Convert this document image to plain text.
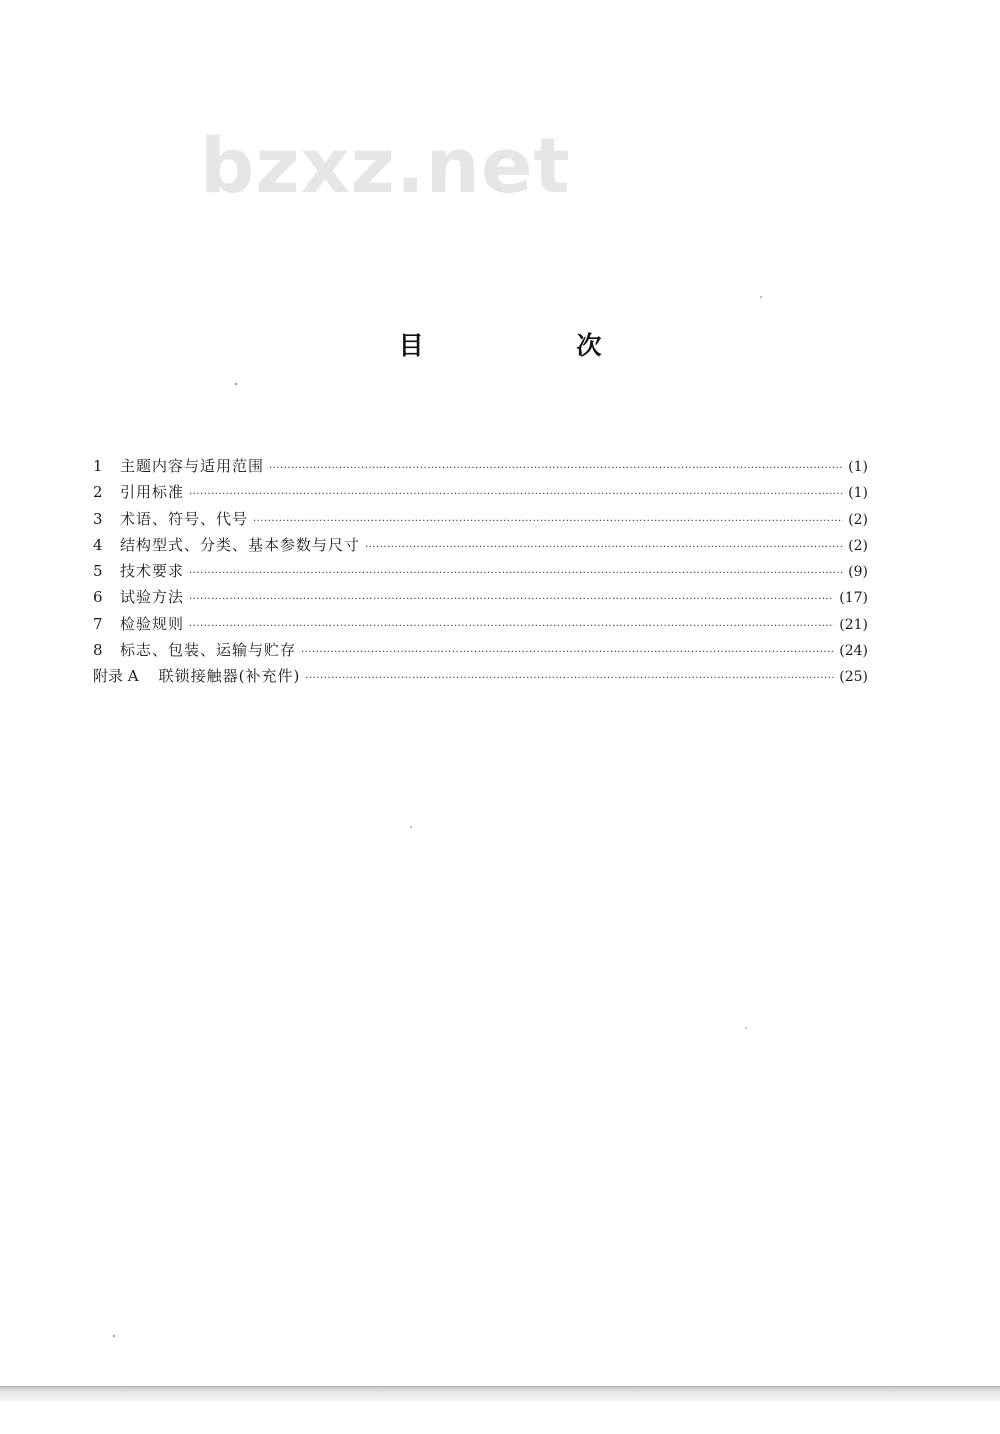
bzxz.net
目 次
1	主题内容与适用范围 ·····	(1)
2	引用标准 ·····	(1)
3	术语、符号、代号 ·····	(2)
4	结构型式、分类、基本参数与尺寸 ·····	(2)
5	技术要求 ·····	(9)
6	试验方法 ·····	(17)
7	检验规则 ·····	(21)
8	标志、包装、运输与贮存 ·····	(24)
附录 A 联锁接触器(补充件) ·····	(25)
